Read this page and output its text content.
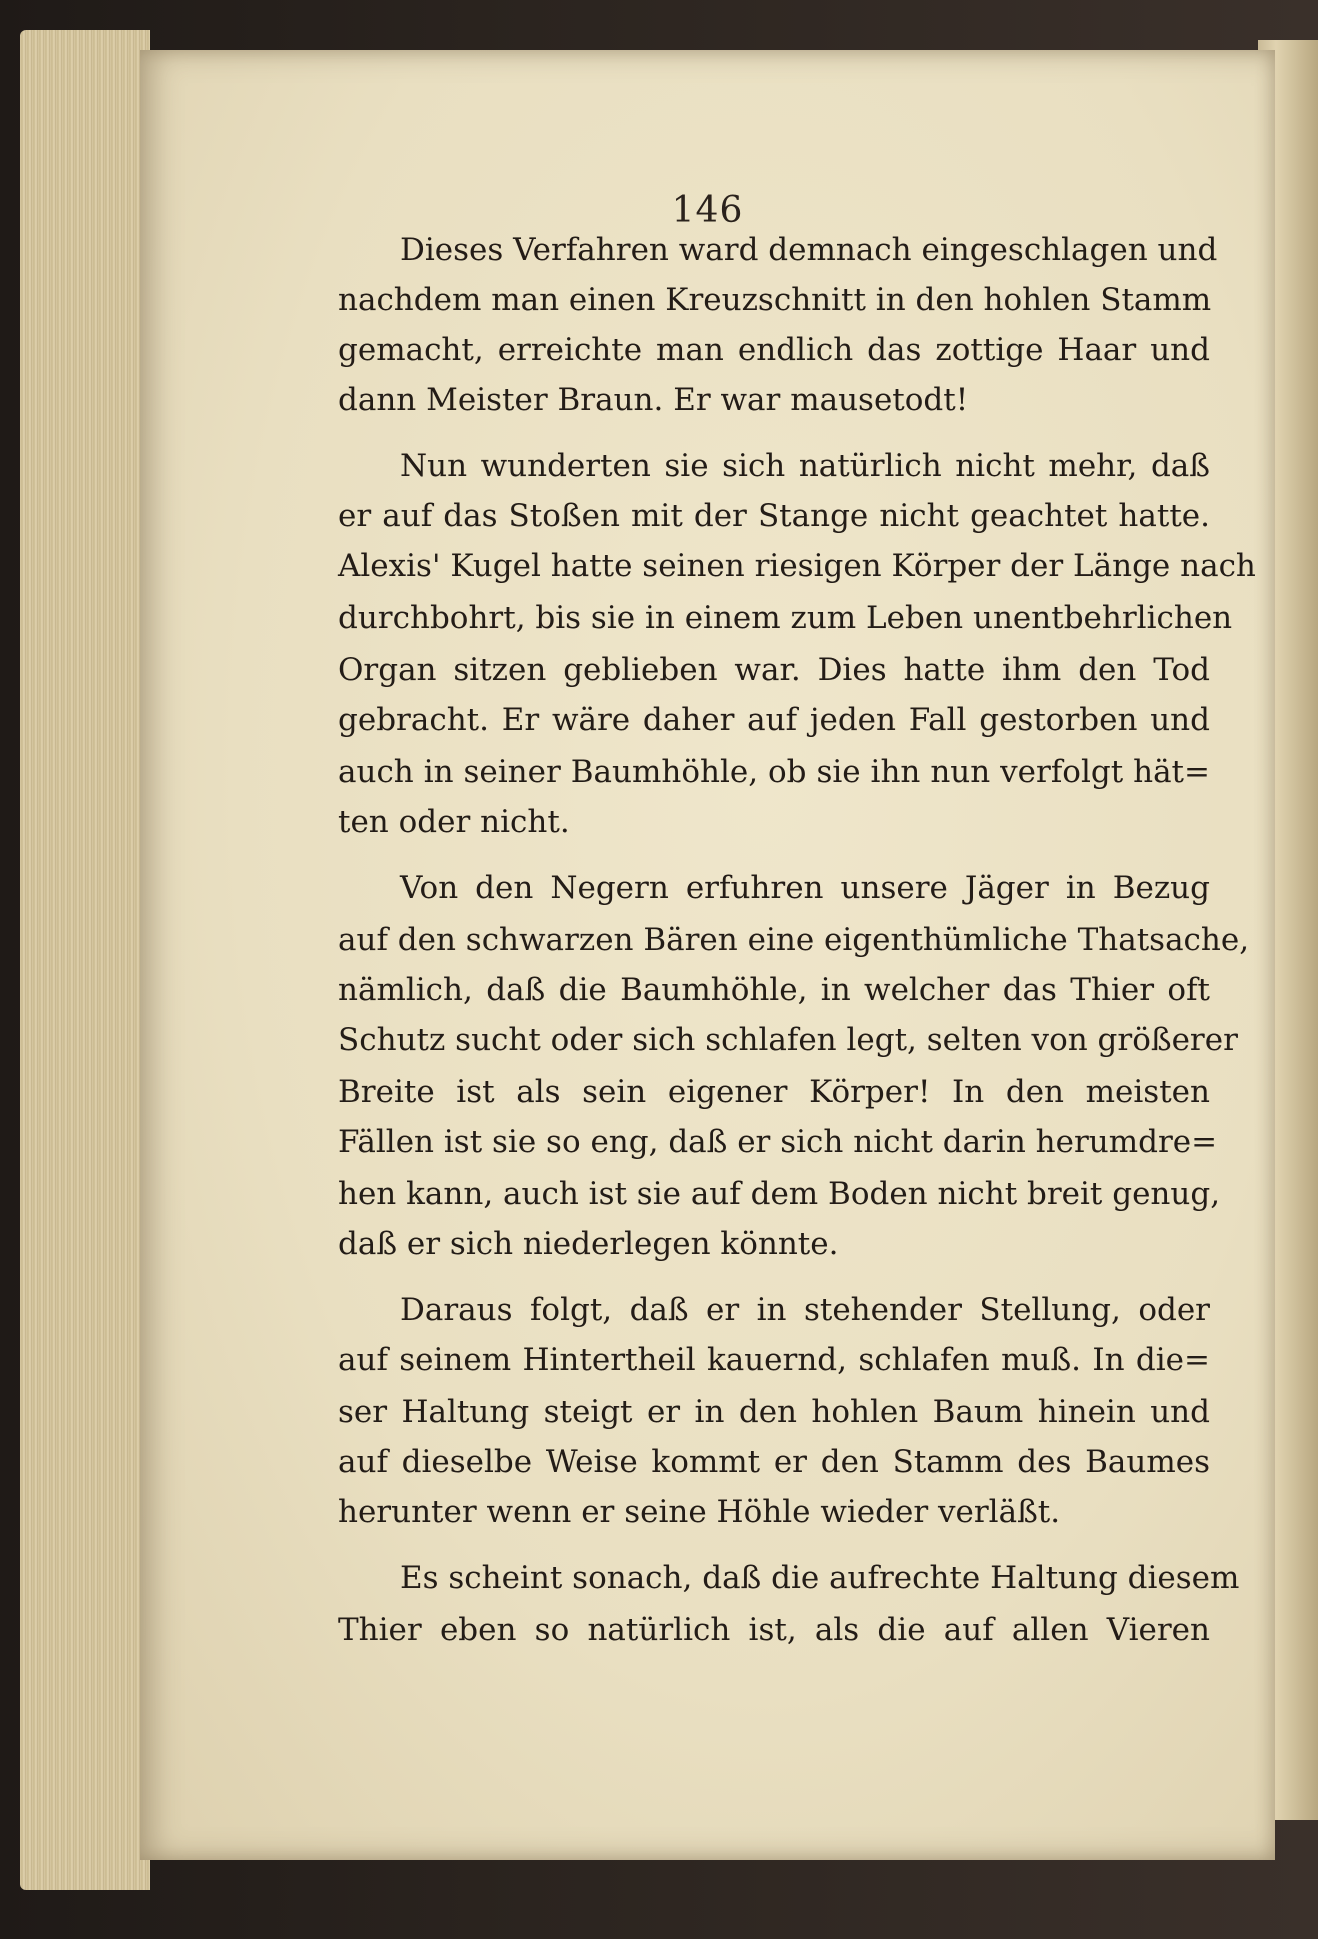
146
Dieses Verfahren ward demnach eingeschlagen und
nachdem man einen Kreuzschnitt in den hohlen Stamm
gemacht, erreichte man endlich das zottige Haar und
dann Meister Braun. Er war mausetodt!
Nun wunderten sie sich natürlich nicht mehr, daß
er auf das Stoßen mit der Stange nicht geachtet hatte.
Alexis' Kugel hatte seinen riesigen Körper der Länge nach
durchbohrt, bis sie in einem zum Leben unentbehrlichen
Organ sitzen geblieben war. Dies hatte ihm den Tod
gebracht. Er wäre daher auf jeden Fall gestorben und
auch in seiner Baumhöhle, ob sie ihn nun verfolgt hät=
ten oder nicht.
Von den Negern erfuhren unsere Jäger in Bezug
auf den schwarzen Bären eine eigenthümliche Thatsache,
nämlich, daß die Baumhöhle, in welcher das Thier oft
Schutz sucht oder sich schlafen legt, selten von größerer
Breite ist als sein eigener Körper! In den meisten
Fällen ist sie so eng, daß er sich nicht darin herumdre=
hen kann, auch ist sie auf dem Boden nicht breit genug,
daß er sich niederlegen könnte.
Daraus folgt, daß er in stehender Stellung, oder
auf seinem Hintertheil kauernd, schlafen muß. In die=
ser Haltung steigt er in den hohlen Baum hinein und
auf dieselbe Weise kommt er den Stamm des Baumes
herunter wenn er seine Höhle wieder verläßt.
Es scheint sonach, daß die aufrechte Haltung diesem
Thier eben so natürlich ist, als die auf allen Vieren
